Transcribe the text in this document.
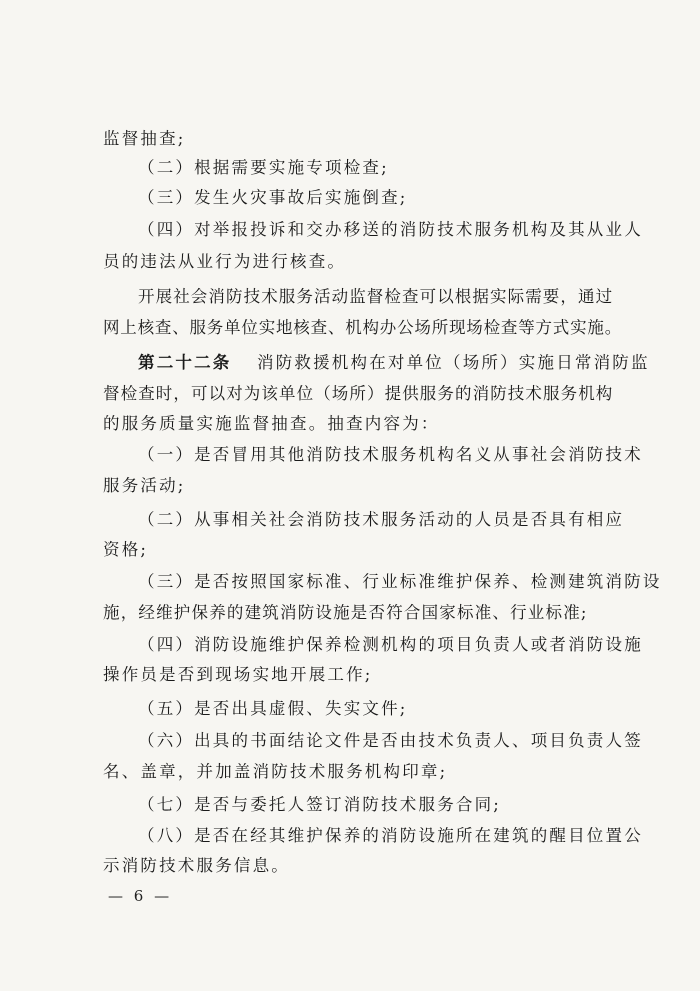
监督抽查;
（二）根据需要实施专项检查;
（三）发生火灾事故后实施倒查;
（四）对举报投诉和交办移送的消防技术服务机构及其从业人
员的违法从业行为进行核查。
开展社会消防技术服务活动监督检查可以根据实际需要，通过
网上核查、服务单位实地核查、机构办公场所现场检查等方式实施。
第二十二条 消防救援机构在对单位（场所）实施日常消防监
督检查时，可以对为该单位（场所）提供服务的消防技术服务机构
的服务质量实施监督抽查。抽查内容为：
（一）是否冒用其他消防技术服务机构名义从事社会消防技术
服务活动;
（二）从事相关社会消防技术服务活动的人员是否具有相应
资格;
（三）是否按照国家标准、行业标准维护保养、检测建筑消防设
施，经维护保养的建筑消防设施是否符合国家标准、行业标准;
（四）消防设施维护保养检测机构的项目负责人或者消防设施
操作员是否到现场实地开展工作;
（五）是否出具虚假、失实文件;
（六）出具的书面结论文件是否由技术负责人、项目负责人签
名、盖章，并加盖消防技术服务机构印章;
（七）是否与委托人签订消防技术服务合同;
（八）是否在经其维护保养的消防设施所在建筑的醒目位置公
示消防技术服务信息。
— 6 —
